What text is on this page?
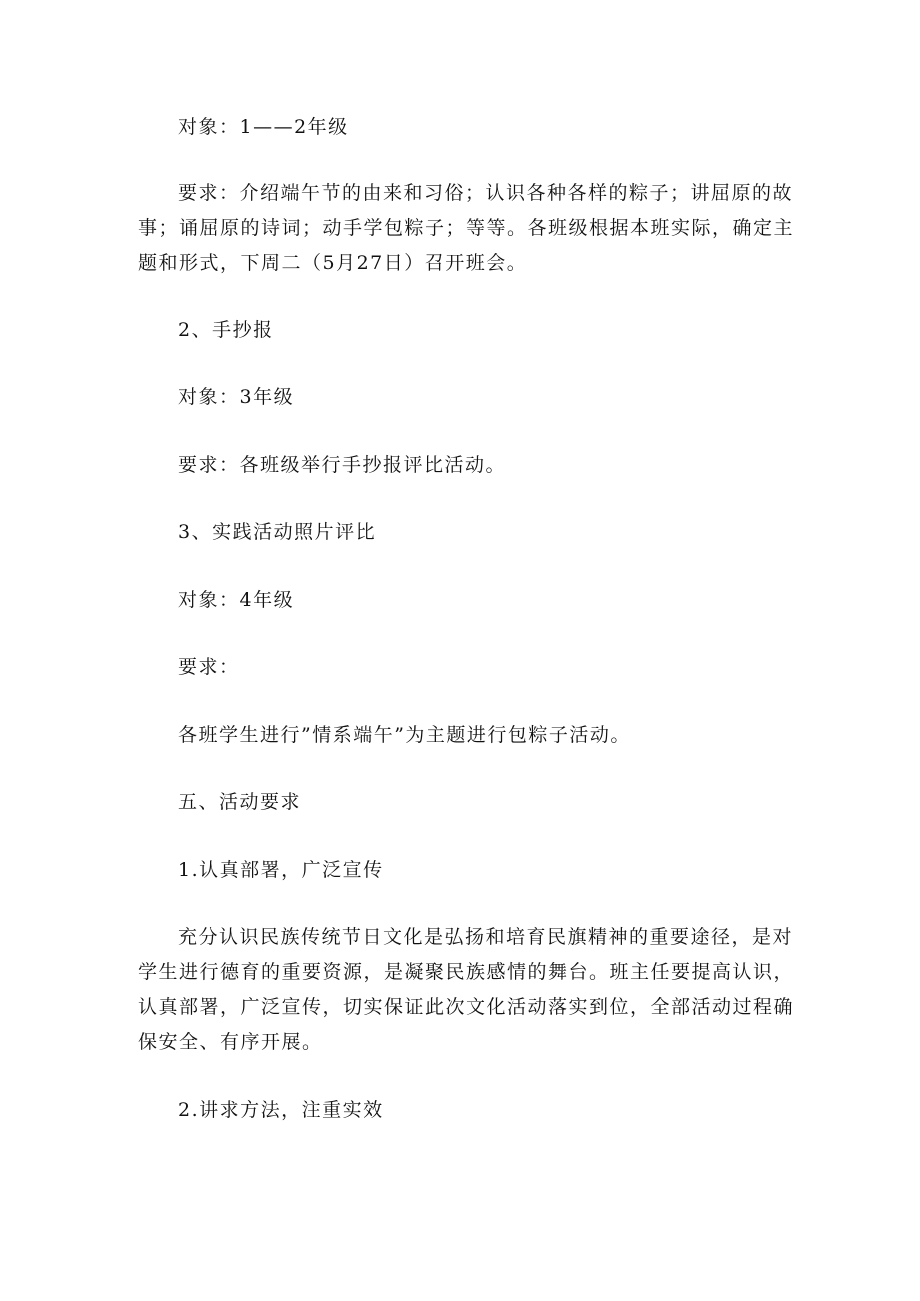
对象：1——2年级
要求：介绍端午节的由来和习俗；认识各种各样的粽子；讲屈原的故
事；诵屈原的诗词；动手学包粽子；等等。各班级根据本班实际，确定主
题和形式，下周二（5月27日）召开班会。
2、手抄报
对象：3年级
要求：各班级举行手抄报评比活动。
3、实践活动照片评比
对象：4年级
要求：
各班学生进行”情系端午”为主题进行包粽子活动。
五、活动要求
1.认真部署，广泛宣传
充分认识民族传统节日文化是弘扬和培育民旗精神的重要途径，是对
学生进行德育的重要资源，是凝聚民族感情的舞台。班主任要提高认识，
认真部署，广泛宣传，切实保证此次文化活动落实到位，全部活动过程确
保安全、有序开展。
2.讲求方法，注重实效
